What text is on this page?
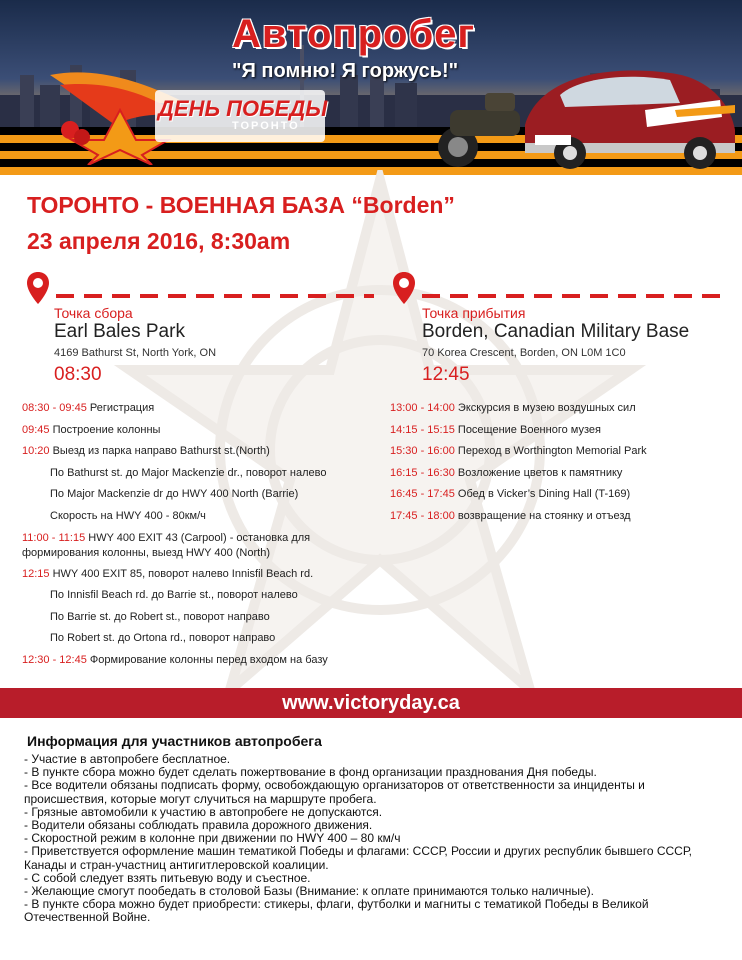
ДЕНЬ ПОБЕДЫ
ТОРОНТО
Автопробег
"Я помню! Я горжусь!"
ТОРОНТО - ВОЕННАЯ БАЗА “Borden”
23 апреля 2016, 8:30am
Точка сбора
Earl Bales Park
4169 Bathurst St, North York, ON
08:30
Точка прибытия
Borden, Canadian Military Base
70 Korea Crescent, Borden, ON L0M 1C0
12:45
08:30 - 09:45 Регистрация
09:45 Построение колонны
10:20 Выезд из парка направо Bathurst st.(North)
По Bathurst st. до Major Mackenzie dr., поворот налево
По Major Mackenzie dr до HWY 400 North (Barrie)
Скорость на HWY 400 - 80км/ч
11:00 - 11:15 HWY 400 EXIT 43 (Carpool) - остановка для формирования колонны, выезд HWY 400 (North)
12:15 HWY 400 EXIT 85, поворот налево Innisfil Beach rd.
По Innisfil Beach rd. до Barrie st., поворот налево
По Barrie st. до Robert st., поворот направо
По Robert st. до Ortona rd., поворот направо
12:30 - 12:45 Формирование колонны перед входом на базу
13:00 - 14:00 Экскурсия в музею воздушных сил
14:15 - 15:15 Посещение Военного музея
15:30 - 16:00 Переход в Worthington Memorial Park
16:15 - 16:30 Возложение цветов к памятнику
16:45 - 17:45 Обед в Vicker’s Dining Hall (T-169)
17:45 - 18:00 возвращение на стоянку и отъезд
www.victoryday.ca
Информация для участников автопробега
- Участие в автопробеге бесплатное.
- В пункте сбора можно будет сделать пожертвование в фонд организации празднования Дня победы.
- Все водители обязаны подписать форму, освобождающую организаторов от ответственности за инциденты и происшествия, которые могут случиться на маршруте пробега.
- Грязные автомобили к участию в автопробеге не допускаются.
- Водители обязаны соблюдать правила дорожного движения.
- Скоростной режим в колонне при движении по HWY 400 – 80 км/ч
- Приветствуется оформление машин тематикой Победы и флагами: СССР, России и других республик бывшего СССР, Канады и стран-участниц антигитлеровской коалиции.
- С собой следует взять питьевую воду и съестное.
- Желающие смогут пообедать в столовой Базы (Внимание: к оплате принимаются только наличные).
- В пункте сбора можно будет приобрести: стикеры, флаги, футболки и магниты с тематикой Победы в Великой Отечественной Войне.
